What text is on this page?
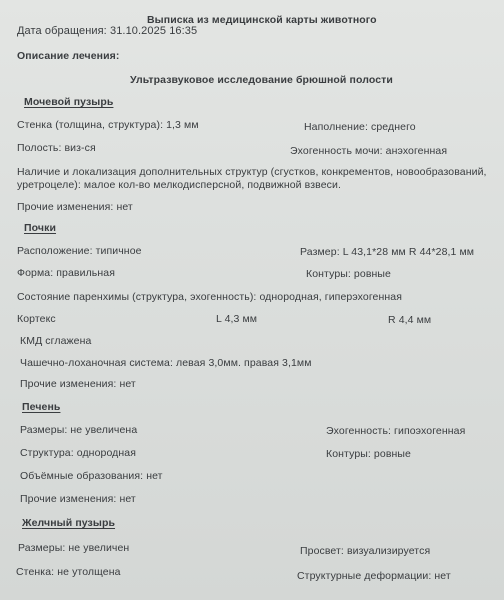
Выписка из медицинской карты животного
Дата обращения: 31.10.2025 16:35
Описание лечения:
Ультразвуковое исследование брюшной полости
Мочевой пузырь
Стенка (толщина, структура): 1,3 мм	Наполнение: среднего
Полость: виз-ся	Эхогенность мочи: анэхогенная
Наличие и локализация дополнительных структур (сгустков, конкрементов, новообразований,
уретроцеле): малое кол-во мелкодисперсной, подвижной взвеси.
Прочие изменения: нет
Почки
Расположение: типичное	Размер: L 43,1*28 мм R 44*28,1 мм
Форма: правильная	Контуры: ровные
Состояние паренхимы (структура, эхогенность): однородная, гиперэхогенная
Кортекс	L 4,3 мм	R 4,4 мм
КМД сглажена
Чашечно-лоханочная система: левая 3,0мм. правая 3,1мм
Прочие изменения: нет
Печень
Размеры: не увеличена	Эхогенность: гипоэхогенная
Структура: однородная	Контуры: ровные
Объёмные образования: нет
Прочие изменения: нет
Желчный пузырь
Размеры: не увеличен	Просвет: визуализируется
Стенка: не утолщена	Структурные деформации: нет
